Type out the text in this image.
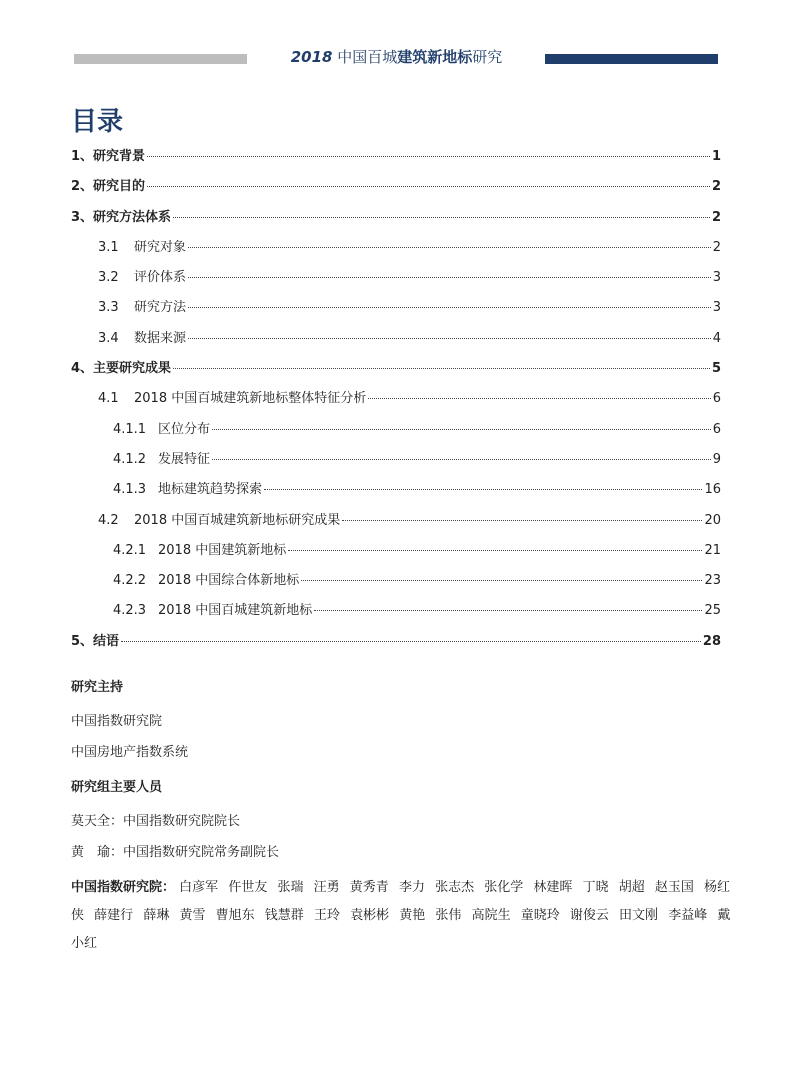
2018 中国百城建筑新地标研究
目录
1、 研究背景	1
2、 研究目的	2
3、 研究方法体系	2
3.1	研究对象	2
3.2	评价体系	3
3.3	研究方法	3
3.4	数据来源	4
4、 主要研究成果	5
4.1	2018 中国百城建筑新地标整体特征分析	6
4.1.1 区位分布	6
4.1.2 发展特征	9
4.1.3 地标建筑趋势探索	16
4.2	2018 中国百城建筑新地标研究成果	20
4.2.1 2018 中国建筑新地标	21
4.2.2 2018 中国综合体新地标	23
4.2.3 2018 中国百城建筑新地标	25
5、 结语	28
研究主持
中国指数研究院
中国房地产指数系统
研究组主要人员
莫天全：中国指数研究院院长
黄　瑜：中国指数研究院常务副院长
中国指数研究院： 白彦军 仵世友 张瑞 汪勇 黄秀青 李力 张志杰 张化学 林建晖 丁晓 胡超 赵玉国 杨红侠 薛建行 薛琳 黄雪 曹旭东 钱慧群 王玲 袁彬彬 黄艳 张伟 高院生 童晓玲 谢俊云 田文刚 李益峰 戴小红
